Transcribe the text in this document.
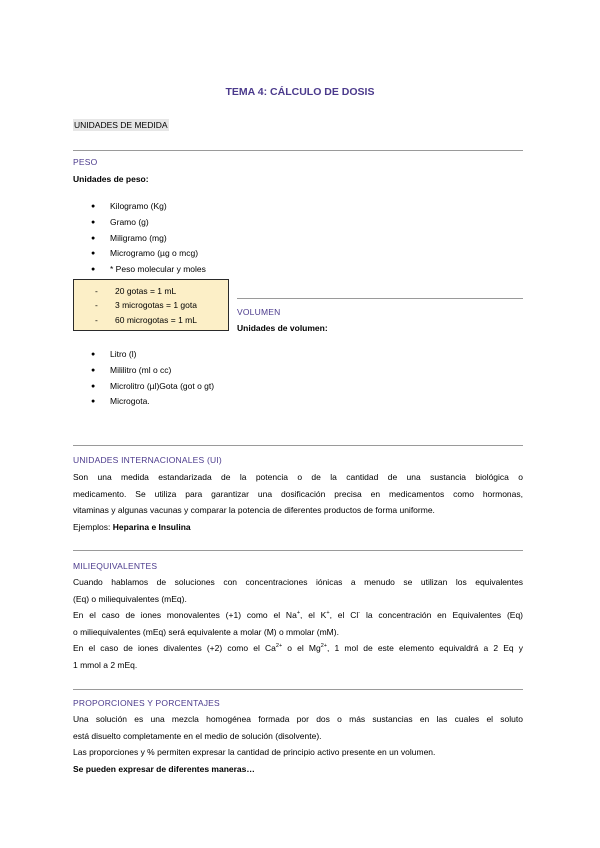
TEMA 4: CÁLCULO DE DOSIS
UNIDADES DE MEDIDA
PESO
Unidades de peso:
● Kilogramo (Kg)
● Gramo (g)
● Miligramo (mg)
● Microgramo (µg o mcg)
● * Peso molecular y moles
- 20 gotas = 1 mL
- 3 microgotas = 1 gota
- 60 microgotas = 1 mL
VOLUMEN
Unidades de volumen:
● Litro (l)
● Mililitro (ml o cc)
● Microlitro (µl)Gota (got o gt)
● Microgota.
UNIDADES INTERNACIONALES (UI)
Son una medida estandarizada de la potencia o de la cantidad de una sustancia biológica o
medicamento. Se utiliza para garantizar una dosificación precisa en medicamentos como hormonas,
vitaminas y algunas vacunas y comparar la potencia de diferentes productos de forma uniforme.
Ejemplos: Heparina e Insulina
MILIEQUIVALENTES
Cuando hablamos de soluciones con concentraciones iónicas a menudo se utilizan los equivalentes
(Eq) o miliequivalentes (mEq).
En el caso de iones monovalentes (+1) como el Na+, el K+, el Cl- la concentración en Equivalentes (Eq)
o miliequivalentes (mEq) será equivalente a molar (M) o mmolar (mM).
En el caso de iones divalentes (+2) como el $Ca^{2+}$ o el $Mg^{2+}$, 1 mol de este elemento equivaldrá a 2 Eq y
1 mmol a 2 mEq.
PROPORCIONES Y PORCENTAJES
Una solución es una mezcla homogénea formada por dos o más sustancias en las cuales el soluto
está disuelto completamente en el medio de solución (disolvente).
Las proporciones y % permiten expresar la cantidad de principio activo presente en un volumen.
Se pueden expresar de diferentes maneras…
